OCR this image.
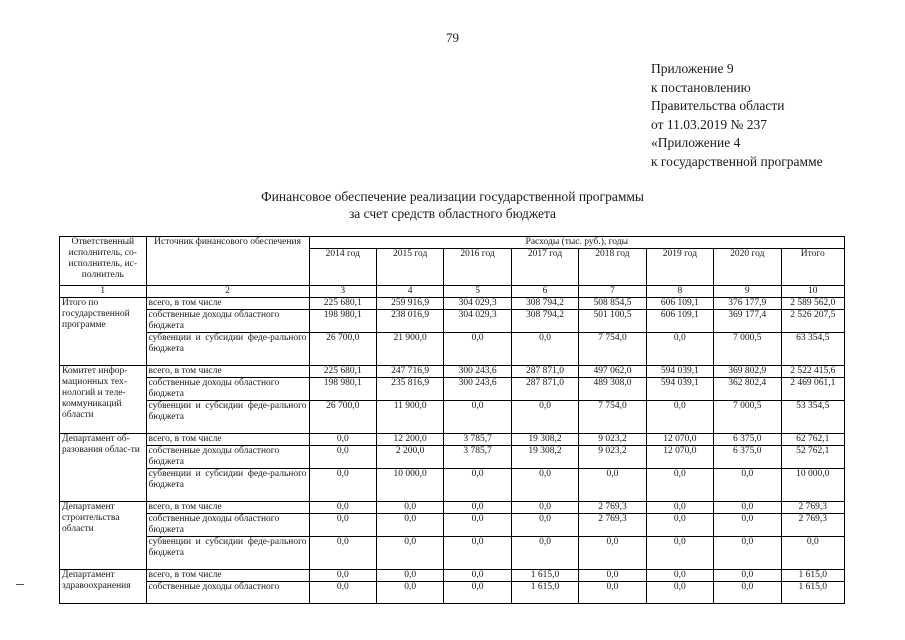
79
Приложение 9
к постановлению
Правительства области
от 11.03.2019 № 237
«Приложение 4
к государственной программе
Финансовое обеспечение реализации государственной программы
за счет средств областного бюджета
Ответственный исполнитель, со-исполнитель, ис-полнитель	Источник финансового обеспечения	Расходы (тыс. руб.), годы							
		2014 год	2015 год	2016 год	2017 год	2018 год	2019 год	2020 год	Итого
1	2	3	4	5	6	7	8	9	10
Итого по государственной программе	всего, в том числе	225 680,1	259 916,9	304 029,3	308 794,2	508 854,5	606 109,1	376 177,9	2 589 562,0
	собственные доходы областного бюджета	198 980,1	238 016,9	304 029,3	308 794,2	501 100,5	606 109,1	369 177,4	2 526 207,5
	субвенции и субсидии феде-рального бюджета	26 700,0	21 900,0	0,0	0,0	7 754,0	0,0	7 000,5	63 354,5
Комитет инфор-мационных тех-нологий и теле-коммуникаций области	всего, в том числе	225 680,1	247 716,9	300 243,6	287 871,0	497 062,0	594 039,1	369 802,9	2 522 415,6
	собственные доходы областного бюджета	198 980,1	235 816,9	300 243,6	287 871,0	489 308,0	594 039,1	362 802,4	2 469 061,1
	субвенции и субсидии феде-рального бюджета	26 700,0	11 900,0	0,0	0,0	7 754,0	0,0	7 000,5	53 354,5
Департамент об-разования облас-ти	всего, в том числе	0,0	12 200,0	3 785,7	19 308,2	9 023,2	12 070,0	6 375,0	62 762,1
	собственные доходы областного бюджета	0,0	2 200,0	3 785,7	19 308,2	9 023,2	12 070,0	6 375,0	52 762,1
	субвенции и субсидии феде-рального бюджета	0,0	10 000,0	0,0	0,0	0,0	0,0	0,0	10 000,0
Департамент строительства области	всего, в том числе	0,0	0,0	0,0	0,0	2 769,3	0,0	0,0	2 769,3
	собственные доходы областного бюджета	0,0	0,0	0,0	0,0	2 769,3	0,0	0,0	2 769,3
	субвенции и субсидии феде-рального бюджета	0,0	0,0	0,0	0,0	0,0	0,0	0,0	0,0
Департамент здравоохранения	всего, в том числе	0,0	0,0	0,0	1 615,0	0,0	0,0	0,0	1 615,0
	собственные доходы областного	0,0	0,0	0,0	1 615,0	0,0	0,0	0,0	1 615,0
